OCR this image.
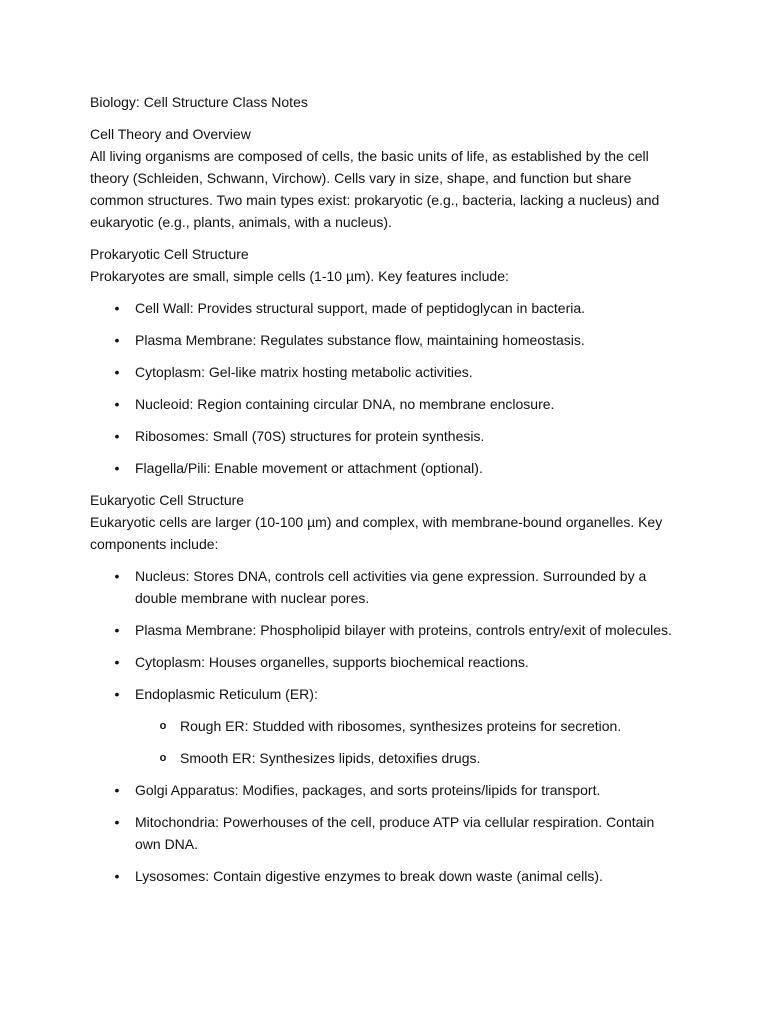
Biology: Cell Structure Class Notes

Cell Theory and Overview

All living organisms are composed of cells, the basic units of life, as established by the cell theory (Schleiden, Schwann, Virchow). Cells vary in size, shape, and function but share common structures. Two main types exist: prokaryotic (e.g., bacteria, lacking a nucleus) and eukaryotic (e.g., plants, animals, with a nucleus).

Prokaryotic Cell Structure

Prokaryotes are small, simple cells (1-10 µm). Key features include:

• Cell Wall: Provides structural support, made of peptidoglycan in bacteria.
• Plasma Membrane: Regulates substance flow, maintaining homeostasis.
• Cytoplasm: Gel-like matrix hosting metabolic activities.
• Nucleoid: Region containing circular DNA, no membrane enclosure.
• Ribosomes: Small (70S) structures for protein synthesis.
• Flagella/Pili: Enable movement or attachment (optional).

Eukaryotic Cell Structure

Eukaryotic cells are larger (10-100 µm) and complex, with membrane-bound organelles. Key components include:

• Nucleus: Stores DNA, controls cell activities via gene expression. Surrounded by a double membrane with nuclear pores.
• Plasma Membrane: Phospholipid bilayer with proteins, controls entry/exit of molecules.
• Cytoplasm: Houses organelles, supports biochemical reactions.
• Endoplasmic Reticulum (ER):
o Rough ER: Studded with ribosomes, synthesizes proteins for secretion.
o Smooth ER: Synthesizes lipids, detoxifies drugs.
• Golgi Apparatus: Modifies, packages, and sorts proteins/lipids for transport.
• Mitochondria: Powerhouses of the cell, produce ATP via cellular respiration. Contain own DNA.
• Lysosomes: Contain digestive enzymes to break down waste (animal cells).
